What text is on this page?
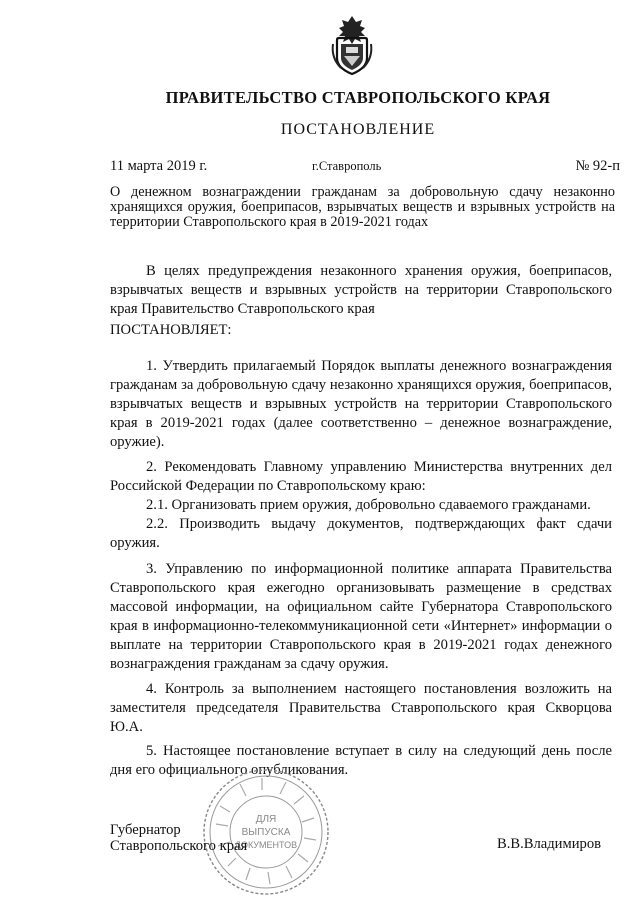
ПРАВИТЕЛЬСТВО СТАВРОПОЛЬСКОГО КРАЯ
ПОСТАНОВЛЕНИЕ
11 марта 2019 г.	г.Ставрополь	№ 92-п
О денежном вознаграждении гражданам за добровольную сдачу незаконно хранящихся оружия, боеприпасов, взрывчатых веществ и взрывных устройств на территории Ставропольского края в 2019-2021 годах
В целях предупреждения незаконного хранения оружия, боеприпасов, взрывчатых веществ и взрывных устройств на территории Ставропольского края Правительство Ставропольского края
ПОСТАНОВЛЯЕТ:
1. Утвердить прилагаемый Порядок выплаты денежного вознаграждения гражданам за добровольную сдачу незаконно хранящихся оружия, боеприпасов, взрывчатых веществ и взрывных устройств на территории Ставропольского края в 2019-2021 годах (далее соответственно – денежное вознаграждение, оружие).
2. Рекомендовать Главному управлению Министерства внутренних дел Российской Федерации по Ставропольскому краю:
2.1. Организовать прием оружия, добровольно сдаваемого гражданами.
2.2. Производить выдачу документов, подтверждающих факт сдачи оружия.
3. Управлению по информационной политике аппарата Правительства Ставропольского края ежегодно организовывать размещение в средствах массовой информации, на официальном сайте Губернатора Ставропольского края в информационно-телекоммуникационной сети «Интернет» информации о выплате на территории Ставропольского края в 2019-2021 годах денежного вознаграждения гражданам за сдачу оружия.
4. Контроль за выполнением настоящего постановления возложить на заместителя председателя Правительства Ставропольского края Скворцова Ю.А.
5. Настоящее постановление вступает в силу на следующий день после дня его официального опубликования.
ДЛЯ
ВЫПУСКА
ДОКУМЕНТОВ
Губернатор
Ставропольского края	В.В.Владимиров
